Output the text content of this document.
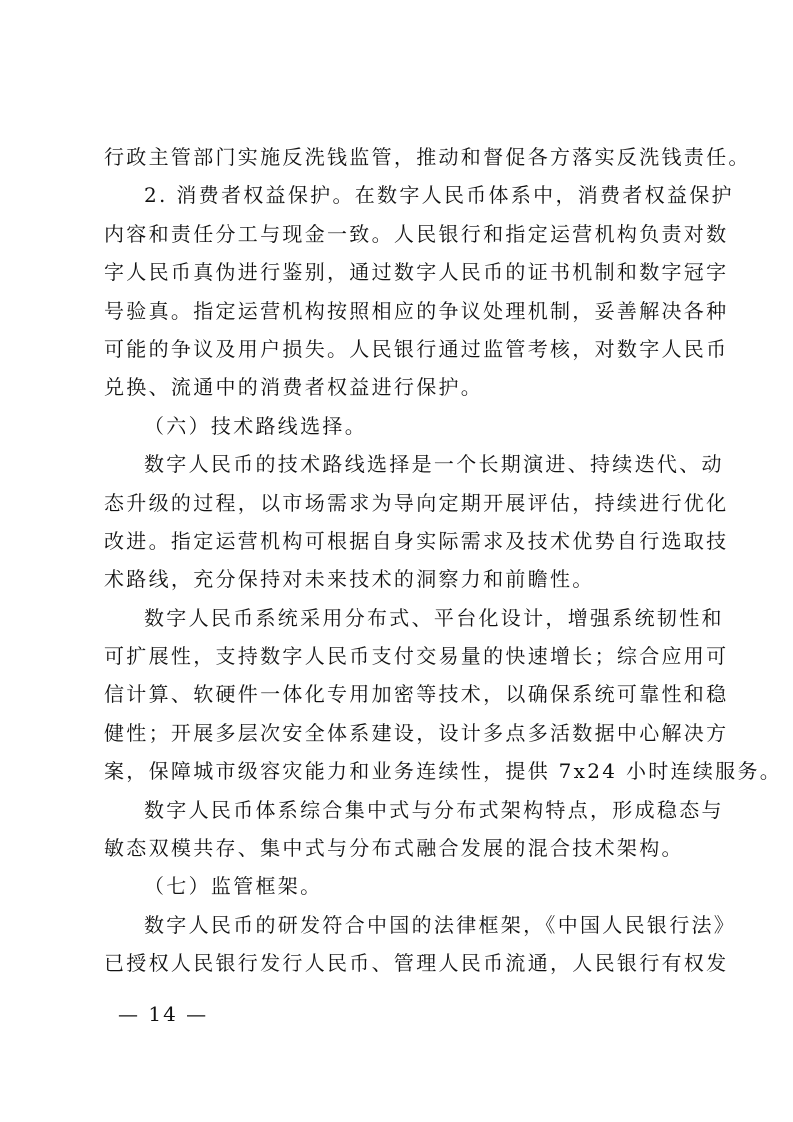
行政主管部门实施反洗钱监管，推动和督促各方落实反洗钱责任。
2. 消费者权益保护。在数字人民币体系中，消费者权益保护
内容和责任分工与现金一致。人民银行和指定运营机构负责对数
字人民币真伪进行鉴别，通过数字人民币的证书机制和数字冠字
号验真。指定运营机构按照相应的争议处理机制，妥善解决各种
可能的争议及用户损失。人民银行通过监管考核，对数字人民币
兑换、流通中的消费者权益进行保护。
（六）技术路线选择。
数字人民币的技术路线选择是一个长期演进、持续迭代、动
态升级的过程，以市场需求为导向定期开展评估，持续进行优化
改进。指定运营机构可根据自身实际需求及技术优势自行选取技
术路线，充分保持对未来技术的洞察力和前瞻性。
数字人民币系统采用分布式、平台化设计，增强系统韧性和
可扩展性，支持数字人民币支付交易量的快速增长；综合应用可
信计算、软硬件一体化专用加密等技术，以确保系统可靠性和稳
健性；开展多层次安全体系建设，设计多点多活数据中心解决方
案，保障城市级容灾能力和业务连续性，提供 7x24 小时连续服务。
数字人民币体系综合集中式与分布式架构特点，形成稳态与
敏态双模共存、集中式与分布式融合发展的混合技术架构。
（七）监管框架。
数字人民币的研发符合中国的法律框架，《中国人民银行法》
已授权人民银行发行人民币、管理人民币流通，人民银行有权发
— 14 —
